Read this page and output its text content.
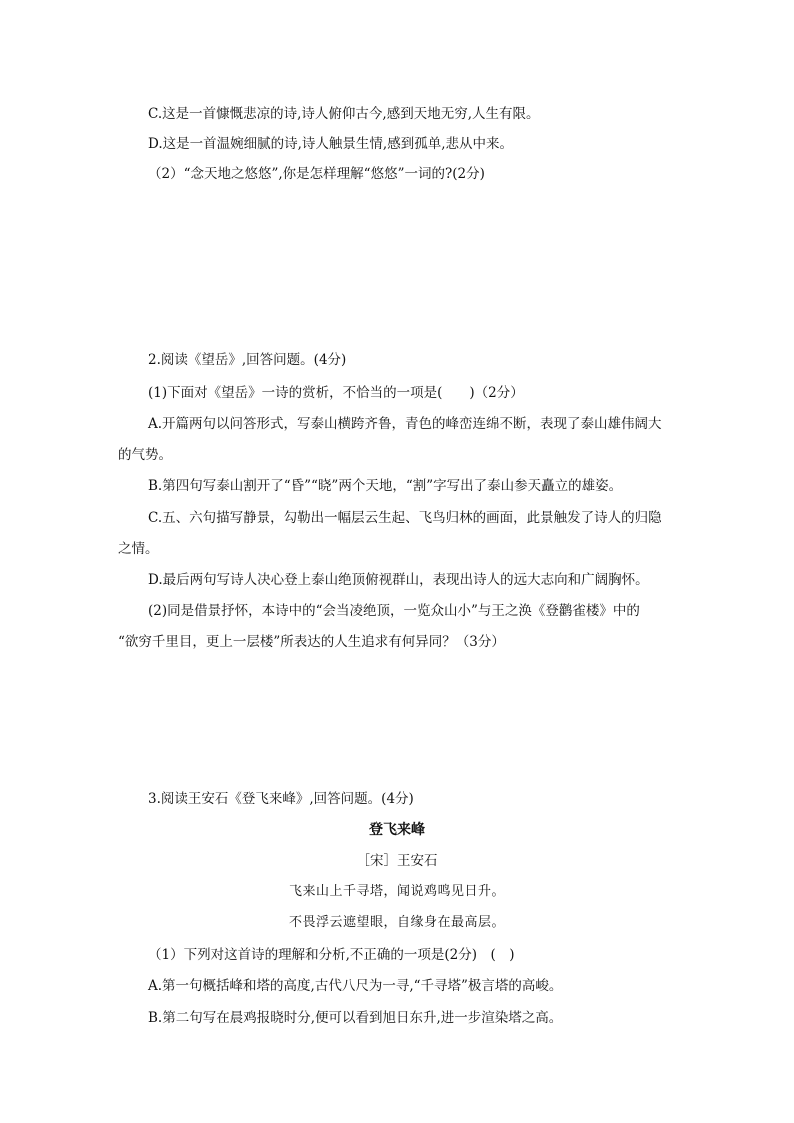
C.这是一首慷慨悲凉的诗,诗人俯仰古今,感到天地无穷,人生有限。
D.这是一首温婉细腻的诗,诗人触景生情,感到孤单,悲从中来。
（2）“念天地之悠悠”,你是怎样理解“悠悠”一词的?(2分)
2.阅读《望岳》,回答问题。(4分)
(1)下面对《望岳》一诗的赏析，不恰当的一项是(　　)（2分）
A.开篇两句以问答形式，写泰山横跨齐鲁，青色的峰峦连绵不断，表现了泰山雄伟阔大
的气势。
B.第四句写泰山割开了“昏”“晓”两个天地，“割”字写出了泰山参天矗立的雄姿。
C.五、六句描写静景，勾勒出一幅层云生起、飞鸟归林的画面，此景触发了诗人的归隐
之情。
D.最后两句写诗人决心登上泰山绝顶俯视群山，表现出诗人的远大志向和广阔胸怀。
(2)同是借景抒怀，本诗中的“会当凌绝顶，一览众山小”与王之涣《登鹳雀楼》中的
“欲穷千里目，更上一层楼”所表达的人生追求有何异同？（3分）
3.阅读王安石《登飞来峰》,回答问题。(4分)
登飞来峰
［宋］王安石
飞来山上千寻塔，闻说鸡鸣见日升。
不畏浮云遮望眼，自缘身在最高层。
（1）下列对这首诗的理解和分析,不正确的一项是(2分)　(　)
A.第一句概括峰和塔的高度,古代八尺为一寻,“千寻塔”极言塔的高峻。
B.第二句写在晨鸡报晓时分,便可以看到旭日东升,进一步渲染塔之高。
